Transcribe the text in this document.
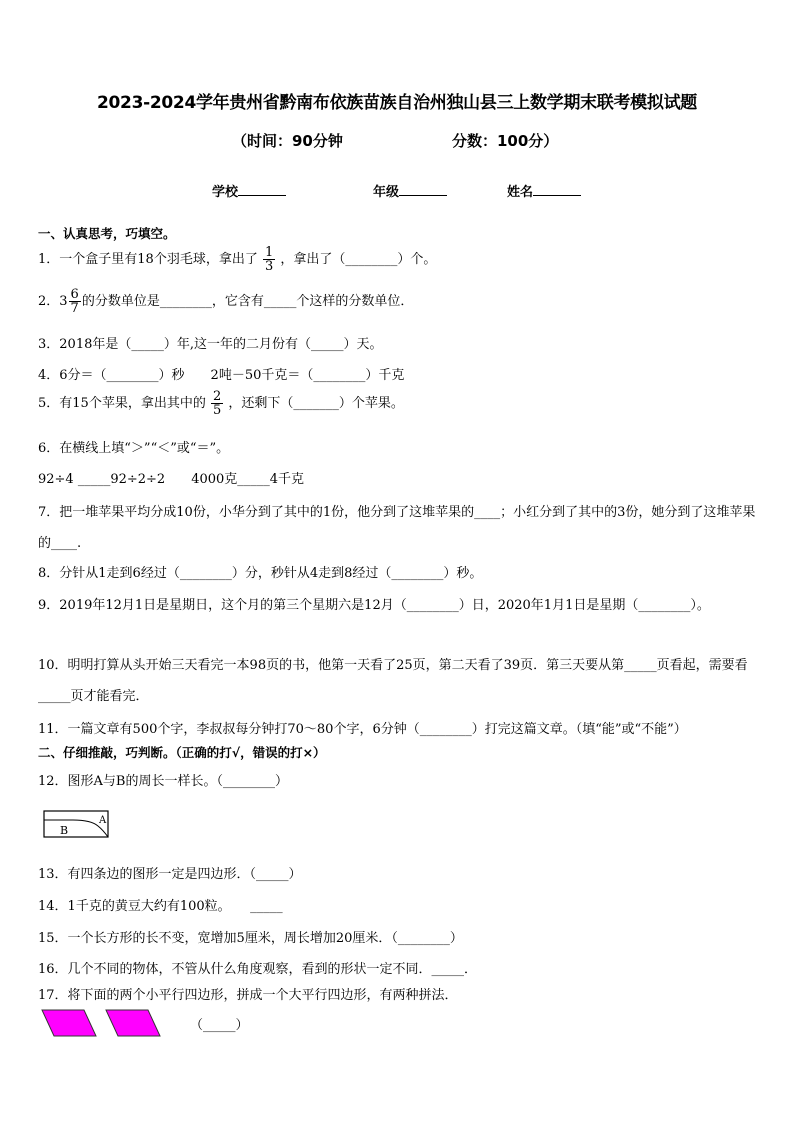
2023-2024学年贵州省黔南布依族苗族自治州独山县三上数学期末联考模拟试题
（时间：90分钟	分数：100分）
学校	年级	姓名
一、认真思考，巧填空。
1．一个盒子里有18个羽毛球，拿出了 $\frac{1}{3}$ ，拿出了（________）个。
2．$3 \frac{6}{7}$ 的分数单位是________，它含有_____个这样的分数单位．
3．2018年是（_____）年,这一年的二月份有（_____）天。
4．6分＝（________）秒　　2吨－50千克＝（________）千克
5．有15个苹果，拿出其中的 $\frac{2}{5}$ ，还剩下（_______）个苹果。
6．在横线上填“＞”“＜”或“＝”。
92÷4 _____92÷2÷2　　4000克_____4千克
7．把一堆苹果平均分成10份，小华分到了其中的1份，他分到了这堆苹果的____；小红分到了其中的3份，她分到了这堆苹果的____.
8．分针从1走到6经过（________）分，秒针从4走到8经过（________）秒。
9．2019年12月1日是星期日，这个月的第三个星期六是12月（________）日，2020年1月1日是星期（________）。
10．明明打算从头开始三天看完一本98页的书，他第一天看了25页，第二天看了39页．第三天要从第_____页看起，需要看_____页才能看完．
11．一篇文章有500个字，李叔叔每分钟打70～80个字，6分钟（________）打完这篇文章。（填“能”或“不能”）
二、仔细推敲，巧判断。（正确的打√，错误的打×）
12．图形A与B的周长一样长。（________）
B
A
13．有四条边的图形一定是四边形．（_____）
14．1千克的黄豆大约有100粒。　　_____
15．一个长方形的长不变，宽增加5厘米，周长增加20厘米．（________）
16．几个不同的物体，不管从什么角度观察，看到的形状一定不同．_____．
17．将下面的两个小平行四边形，拼成一个大平行四边形，有两种拼法．
（_____）
